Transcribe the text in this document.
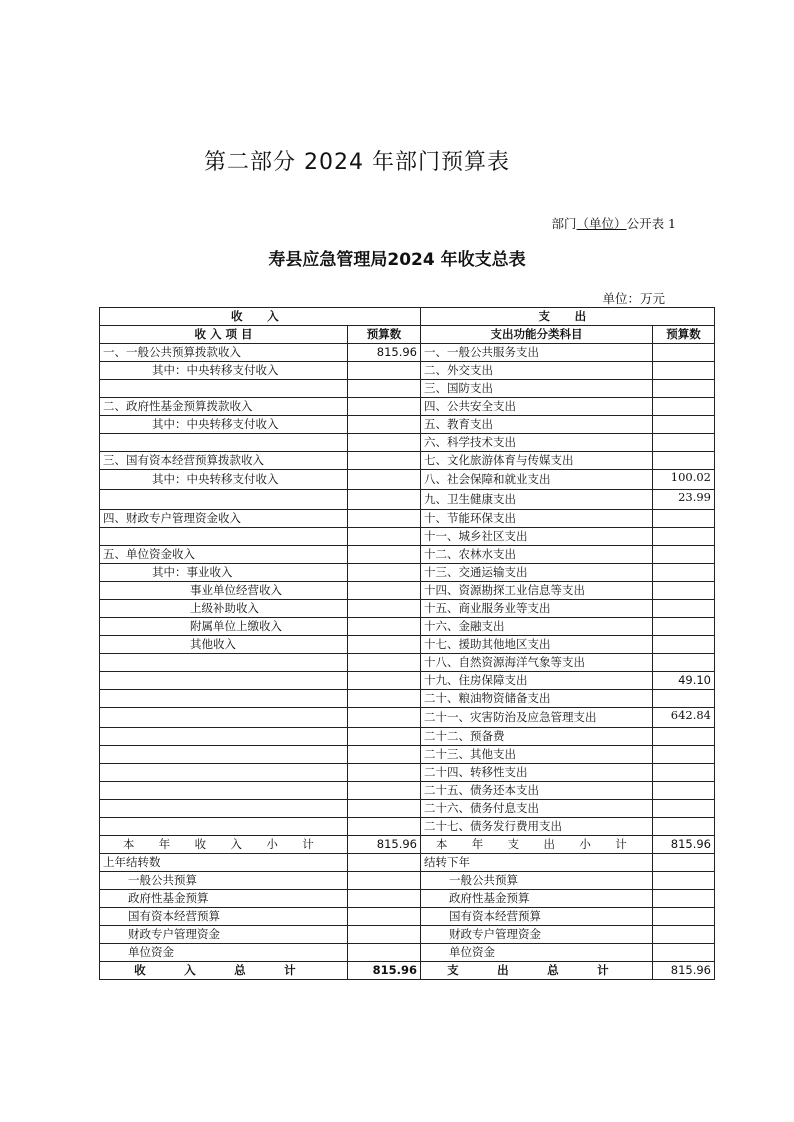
第二部分 2024 年部门预算表
部门（单位）公开表 1
寿县应急管理局2024 年收支总表
单位：万元
收 入		支 出	
收 入 项 目	预算数	支出功能分类科目	预算数
一、一般公共预算拨款收入	815.96	一、一般公共服务支出	
其中：中央转移支付收入		二、外交支出	
		三、国防支出	
二、政府性基金预算拨款收入		四、公共安全支出	
其中：中央转移支付收入		五、教育支出	
		六、科学技术支出	
三、国有资本经营预算拨款收入		七、文化旅游体育与传媒支出	
其中：中央转移支付收入		八、社会保障和就业支出	100.02
		九、卫生健康支出	23.99
四、财政专户管理资金收入		十、节能环保支出	
		十一、城乡社区支出	
五、单位资金收入		十二、农林水支出	
其中：事业收入		十三、交通运输支出	
事业单位经营收入		十四、资源勘探工业信息等支出	
上级补助收入		十五、商业服务业等支出	
附属单位上缴收入		十六、金融支出	
其他收入		十七、援助其他地区支出	
		十八、自然资源海洋气象等支出	
		十九、住房保障支出	49.10
		二十、粮油物资储备支出	
		二十一、灾害防治及应急管理支出	642.84
		二十二、预备费	
		二十三、其他支出	
		二十四、转移性支出	
		二十五、债务还本支出	
		二十六、债务付息支出	
		二十七、债务发行费用支出	
本 年 收 入 小 计	815.96	本 年 支 出 小 计	815.96
上年结转数		结转下年	
一般公共预算		一般公共预算	
政府性基金预算		政府性基金预算	
国有资本经营预算		国有资本经营预算	
财政专户管理资金		财政专户管理资金	
单位资金		单位资金	
收 入 总 计	815.96	支 出 总 计	815.96
